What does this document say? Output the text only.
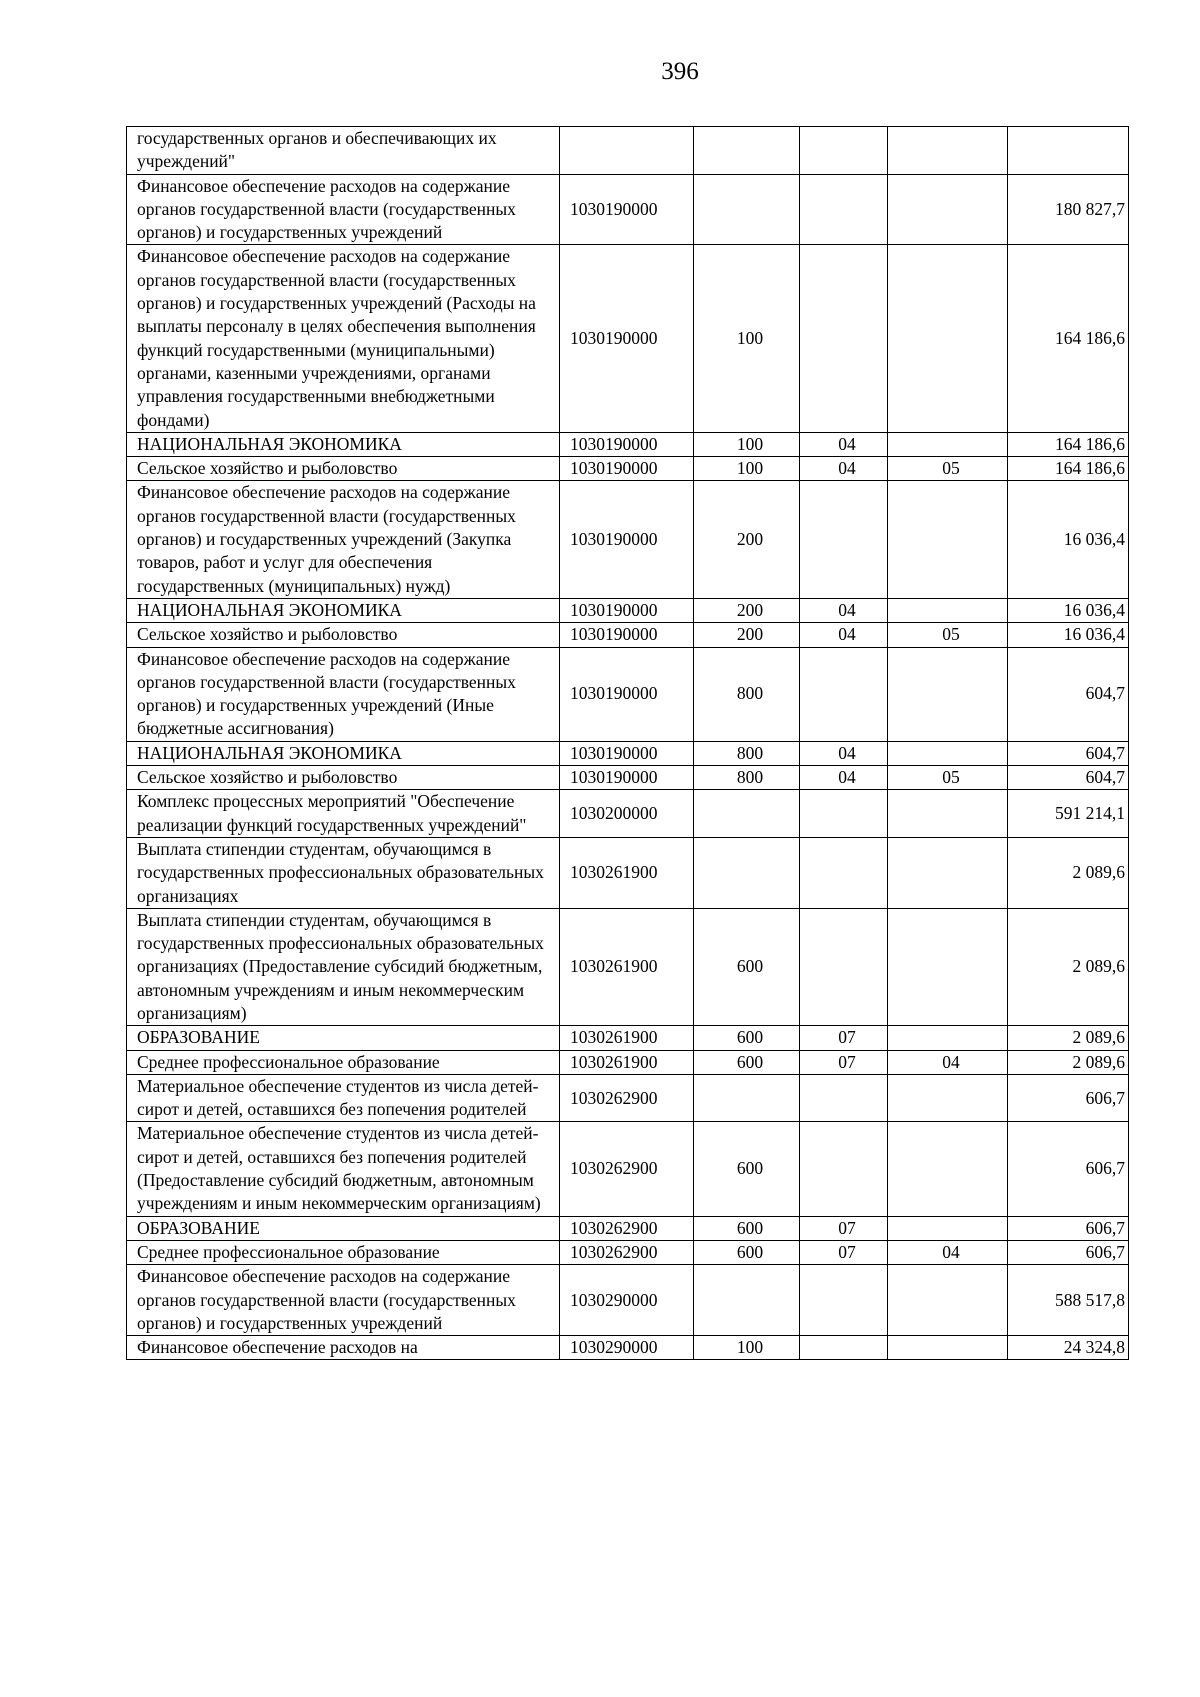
396
государственных органов и обеспечивающих их учреждений"					
Финансовое обеспечение расходов на содержание органов государственной власти (государственных органов) и государственных учреждений	1030190000				180 827,7
Финансовое обеспечение расходов на содержание органов государственной власти (государственных органов) и государственных учреждений (Расходы на выплаты персоналу в целях обеспечения выполнения функций государственными (муниципальными) органами, казенными учреждениями, органами управления государственными внебюджетными фондами)	1030190000	100			164 186,6
НАЦИОНАЛЬНАЯ ЭКОНОМИКА	1030190000	100	04		164 186,6
Сельское хозяйство и рыболовство	1030190000	100	04	05	164 186,6
Финансовое обеспечение расходов на содержание органов государственной власти (государственных органов) и государственных учреждений (Закупка товаров, работ и услуг для обеспечения государственных (муниципальных) нужд)	1030190000	200			16 036,4
НАЦИОНАЛЬНАЯ ЭКОНОМИКА	1030190000	200	04		16 036,4
Сельское хозяйство и рыболовство	1030190000	200	04	05	16 036,4
Финансовое обеспечение расходов на содержание органов государственной власти (государственных органов) и государственных учреждений (Иные бюджетные ассигнования)	1030190000	800			604,7
НАЦИОНАЛЬНАЯ ЭКОНОМИКА	1030190000	800	04		604,7
Сельское хозяйство и рыболовство	1030190000	800	04	05	604,7
Комплекс процессных мероприятий "Обеспечение реализации функций государственных учреждений"	1030200000				591 214,1
Выплата стипендии студентам, обучающимся в государственных профессиональных образовательных организациях	1030261900				2 089,6
Выплата стипендии студентам, обучающимся в государственных профессиональных образовательных организациях (Предоставление субсидий бюджетным, автономным учреждениям и иным некоммерческим организациям)	1030261900	600			2 089,6
ОБРАЗОВАНИЕ	1030261900	600	07		2 089,6
Среднее профессиональное образование	1030261900	600	07	04	2 089,6
Материальное обеспечение студентов из числа детей-сирот и детей, оставшихся без попечения родителей	1030262900				606,7
Материальное обеспечение студентов из числа детей-сирот и детей, оставшихся без попечения родителей (Предоставление субсидий бюджетным, автономным учреждениям и иным некоммерческим организациям)	1030262900	600			606,7
ОБРАЗОВАНИЕ	1030262900	600	07		606,7
Среднее профессиональное образование	1030262900	600	07	04	606,7
Финансовое обеспечение расходов на содержание органов государственной власти (государственных органов) и государственных учреждений	1030290000				588 517,8
Финансовое обеспечение расходов на	1030290000	100			24 324,8
